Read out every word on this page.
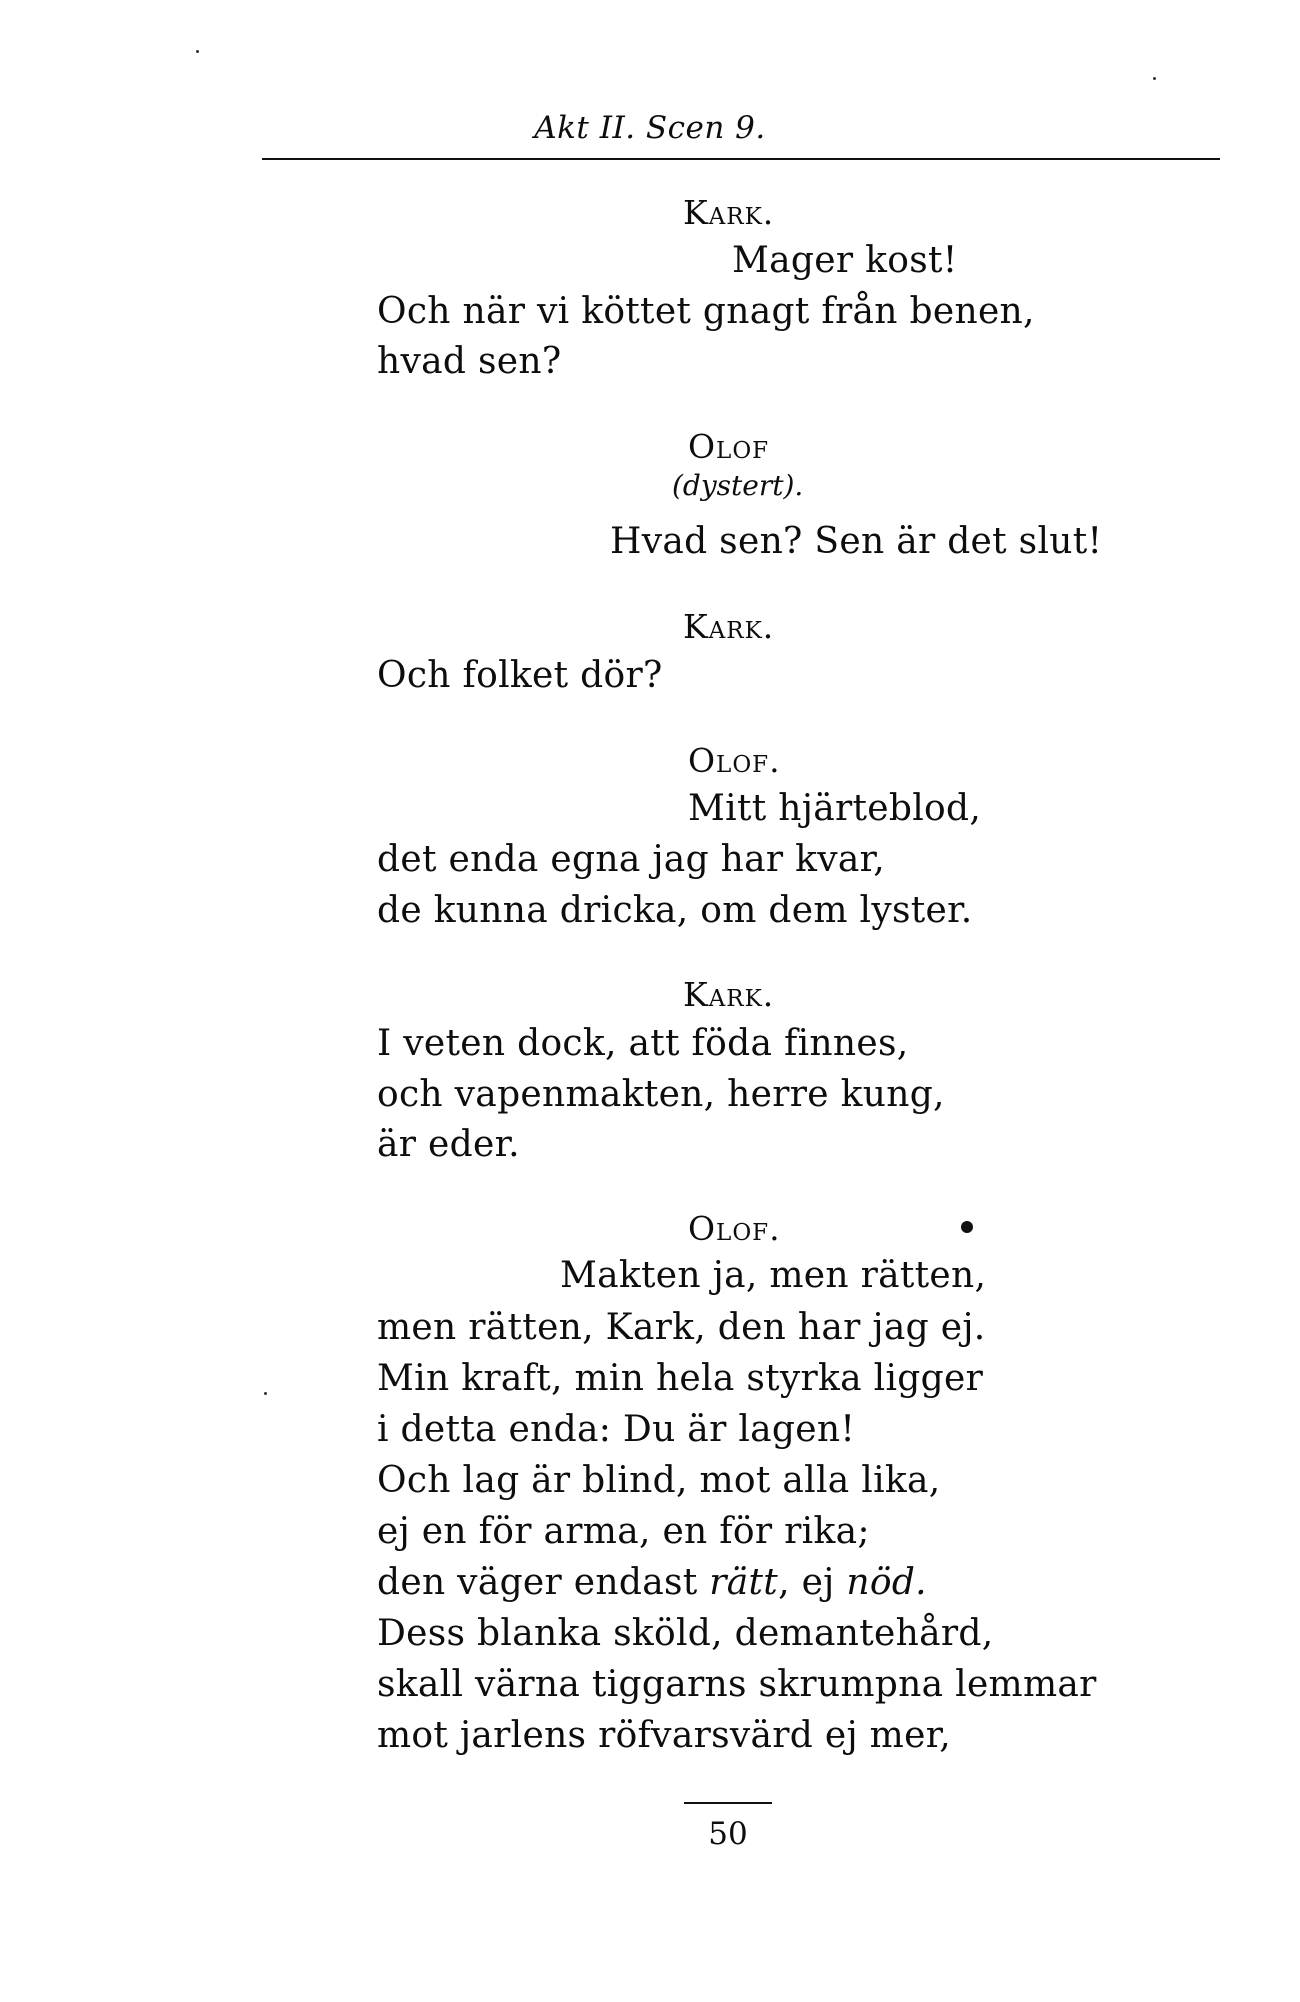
Akt II. Scen 9.
Kark.
Mager kost!
Och när vi köttet gnagt från benen,
hvad sen?
Olof
(dystert).
Hvad sen? Sen är det slut!
Kark.
Och folket dör?
Olof.
Mitt hjärteblod,
det enda egna jag har kvar,
de kunna dricka, om dem lyster.
Kark.
I veten dock, att föda finnes,
och vapenmakten, herre kung,
är eder.
Olof.
Makten ja, men rätten,
men rätten, Kark, den har jag ej.
Min kraft, min hela styrka ligger
i detta enda: Du är lagen!
Och lag är blind, mot alla lika,
ej en för arma, en för rika;
den väger endast rätt, ej nöd.
Dess blanka sköld, demantehård,
skall värna tiggarns skrumpna lemmar
mot jarlens röfvarsvärd ej mer,
50
